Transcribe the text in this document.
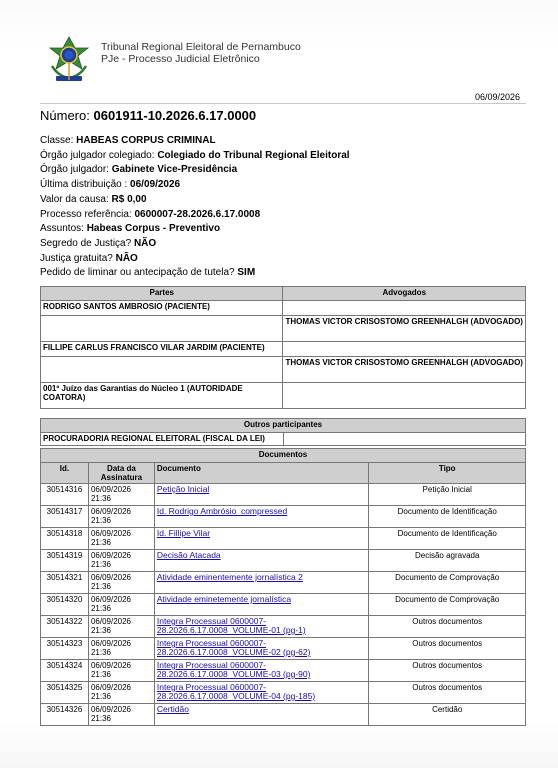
Tribunal Regional Eleitoral de Pernambuco
PJe - Processo Judicial Eletrônico
06/09/2026
Número: 0601911-10.2026.6.17.0000
Classe: HABEAS CORPUS CRIMINAL
Órgão julgador colegiado: Colegiado do Tribunal Regional Eleitoral
Órgão julgador: Gabinete Vice-Presidência
Última distribuição : 06/09/2026
Valor da causa: R$ 0,00
Processo referência: 0600007-28.2026.6.17.0008
Assuntos: Habeas Corpus - Preventivo
Segredo de Justiça? NÃO
Justiça gratuita? NÃO
Pedido de liminar ou antecipação de tutela? SIM
Partes	Advogados
RODRIGO SANTOS AMBROSIO (PACIENTE)	
	THOMAS VICTOR CRISOSTOMO GREENHALGH (ADVOGADO)
FILLIPE CARLUS FRANCISCO VILAR JARDIM (PACIENTE)	
	THOMAS VICTOR CRISOSTOMO GREENHALGH (ADVOGADO)
001º Juízo das Garantias do Núcleo 1 (AUTORIDADE COATORA)	
Outros participantes
PROCURADORIA REGIONAL ELEITORAL (FISCAL DA LEI)	
Documentos			
Id.	Data da Assinatura	Documento	Tipo
30514316	06/09/2026 21:36	Petição Inicial	Petição Inicial
30514317	06/09/2026 21:36	Id. Rodrigo Ambrósio_compressed	Documento de Identificação
30514318	06/09/2026 21:36	Id. Fillipe Vilar	Documento de Identificação
30514319	06/09/2026 21:36	Decisão Atacada	Decisão agravada
30514321	06/09/2026 21:36	Atividade eminentemente jornalística 2	Documento de Comprovação
30514320	06/09/2026 21:36	Atividade eminetemente jornalística	Documento de Comprovação
30514322	06/09/2026 21:36	Integra Processual 0600007-28.2026.6.17.0008_VOLUME-01 (pg-1)	Outros documentos
30514323	06/09/2026 21:36	Integra Processual 0600007-28.2026.6.17.0008_VOLUME-02 (pg-62)	Outros documentos
30514324	06/09/2026 21:36	Integra Processual 0600007-28.2026.6.17.0008_VOLUME-03 (pg-90)	Outros documentos
30514325	06/09/2026 21:36	Integra Processual 0600007-28.2026.6.17.0008_VOLUME-04 (pg-185)	Outros documentos
30514326	06/09/2026 21:36	Certidão	Certidão
